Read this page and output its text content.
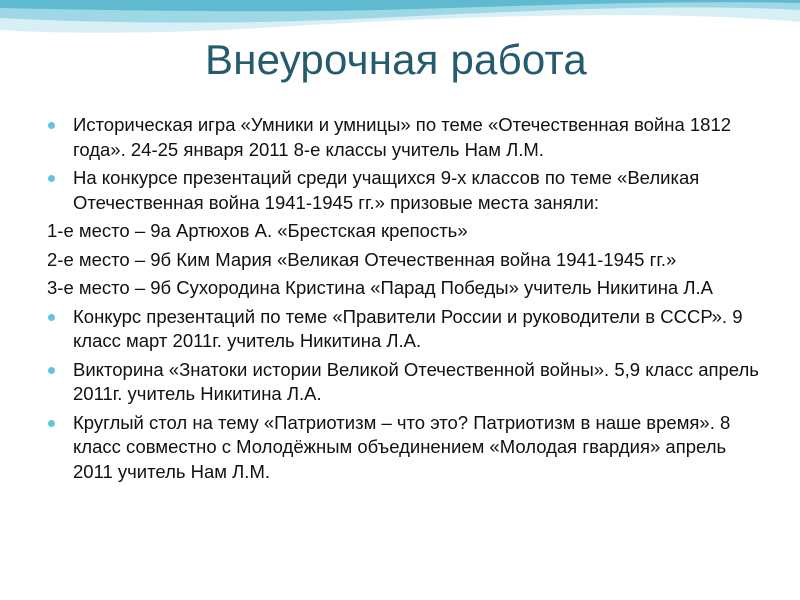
Внеурочная работа
Историческая игра «Умники и умницы» по теме «Отечественная война 1812 года». 24-25 января 2011 8-е классы учитель Нам Л.М.
На конкурсе презентаций среди учащихся 9-х классов по теме «Великая Отечественная война 1941-1945 гг.» призовые места заняли:
1-е место – 9а Артюхов А. «Брестская крепость»
2-е место – 9б Ким Мария «Великая Отечественная война 1941-1945 гг.»
3-е место – 9б Сухородина Кристина «Парад Победы» учитель Никитина Л.А
Конкурс презентаций по теме «Правители России и руководители в СССР». 9 класс март 2011г. учитель Никитина Л.А.
Викторина «Знатоки истории Великой Отечественной войны». 5,9 класс апрель 2011г. учитель Никитина Л.А.
Круглый стол на тему «Патриотизм – что это? Патриотизм в наше время». 8 класс совместно с Молодёжным объединением «Молодая гвардия» апрель 2011 учитель Нам Л.М.
